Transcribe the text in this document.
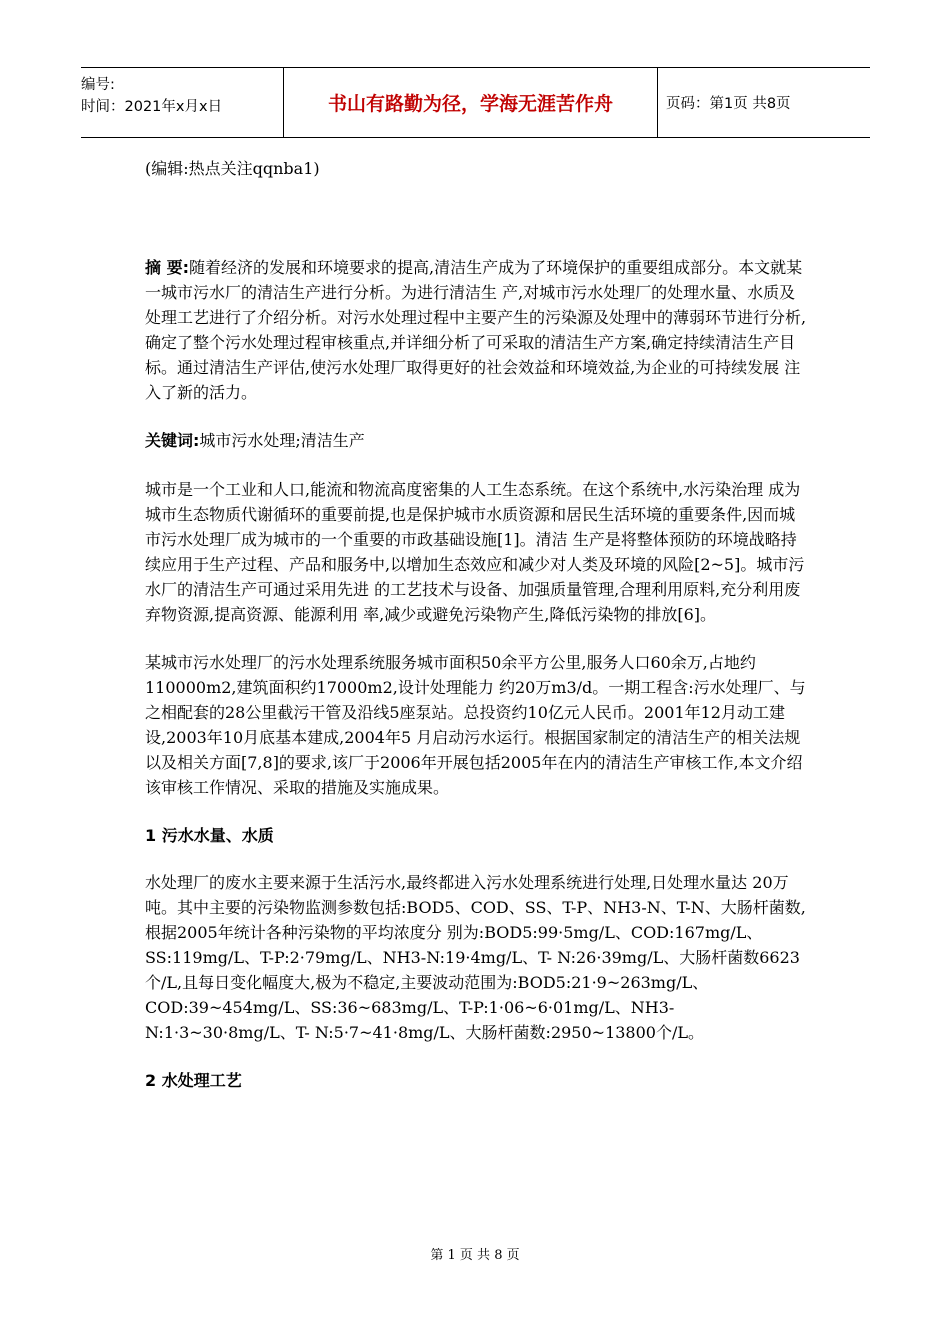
编号:
时间：2021年x月x日	书山有路勤为径，学海无涯苦作舟	页码：第1页 共8页

(编辑:热点关注qqnba1)

摘 要:随着经济的发展和环境要求的提高,清洁生产成为了环境保护的重要组成部分。本文就某一城市污水厂的清洁生产进行分析。为进行清洁生 产,对城市污水处理厂的处理水量、水质及处理工艺进行了介绍分析。对污水处理过程中主要产生的污染源及处理中的薄弱环节进行分析,确定了整个污水处理过程审核重点,并详细分析了可采取的清洁生产方案,确定持续清洁生产目标。通过清洁生产评估,使污水处理厂取得更好的社会效益和环境效益,为企业的可持续发展 注入了新的活力。

关键词:城市污水处理;清洁生产

城市是一个工业和人口,能流和物流高度密集的人工生态系统。在这个系统中,水污染治理 成为城市生态物质代谢循环的重要前提,也是保护城市水质资源和居民生活环境的重要条件,因而城市污水处理厂成为城市的一个重要的市政基础设施[1]。清洁 生产是将整体预防的环境战略持续应用于生产过程、产品和服务中,以增加生态效应和减少对人类及环境的风险[2~5]。城市污水厂的清洁生产可通过采用先进 的工艺技术与设备、加强质量管理,合理利用原料,充分利用废弃物资源,提高资源、能源利用 率,减少或避免污染物产生,降低污染物的排放[6]。

某城市污水处理厂的污水处理系统服务城市面积50余平方公里,服务人口60余万,占地约110000m2,建筑面积约17000m2,设计处理能力 约20万m3/d。一期工程含:污水处理厂、与之相配套的28公里截污干管及沿线5座泵站。总投资约10亿元人民币。2001年12月动工建设,2003年10月底基本建成,2004年5 月启动污水运行。根据国家制定的清洁生产的相关法规以及相关方面[7,8]的要求,该厂于2006年开展包括2005年在内的清洁生产审核工作,本文介绍 该审核工作情况、采取的措施及实施成果。

1 污水水量、水质

水处理厂的废水主要来源于生活污水,最终都进入污水处理系统进行处理,日处理水量达 20万吨。其中主要的污染物监测参数包括:BOD5、COD、SS、T-P、NH3-N、T-N、大肠杆菌数,根据2005年统计各种污染物的平均浓度分 别为:BOD5:99·5mg/L、COD:167mg/L、SS:119mg/L、T-P:2·79mg/L、NH3-N:19·4mg/L、T- N:26·39mg/L、大肠杆菌数6623个/L,且每日变化幅度大,极为不稳定,主要波动范围为:BOD5:21·9~263mg/L、COD:39~454mg/L、SS:36~683mg/L、T-P:1·06~6·01mg/L、NH3-N:1·3~30·8mg/L、T- N:5·7~41·8mg/L、大肠杆菌数:2950~13800个/L。

2 水处理工艺

第 1 页 共 8 页
